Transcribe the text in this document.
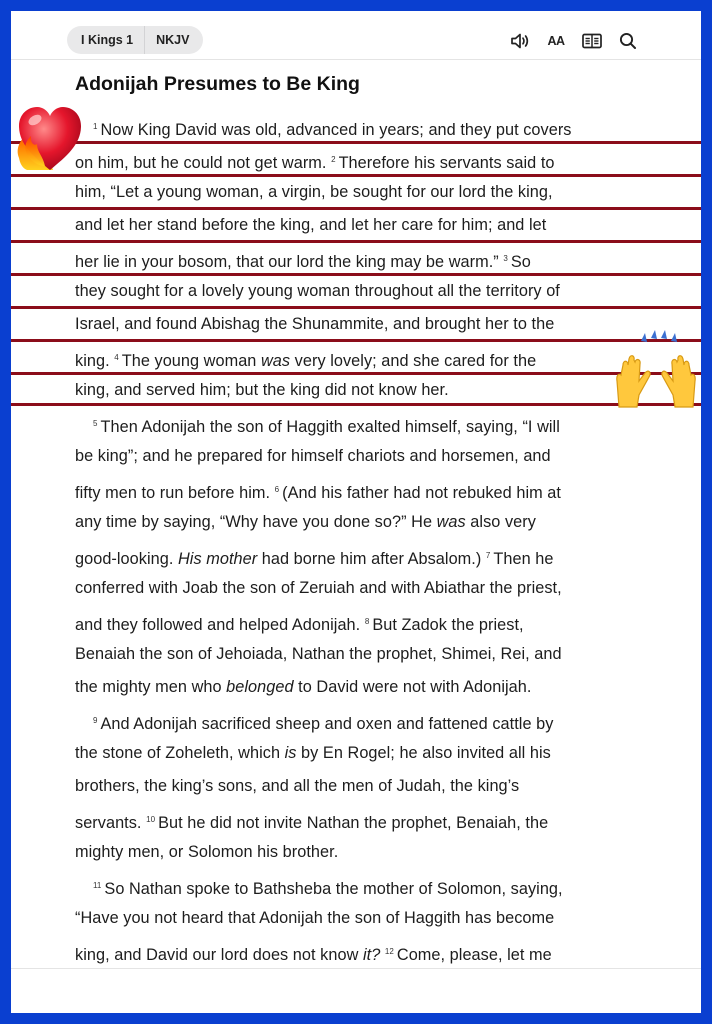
I Kings 1	NKJV	AA
Adonijah Presumes to Be King
$^1$ Now King David was old, advanced in years; and they put covers
on him, but he could not get warm. $^2$ Therefore his servants said to
him, “Let a young woman, a virgin, be sought for our lord the king,
and let her stand before the king, and let her care for him; and let
her lie in your bosom, that our lord the king may be warm.” $^3$ So
they sought for a lovely young woman throughout all the territory of
Israel, and found Abishag the Shunammite, and brought her to the
king. $^4$ The young woman was very lovely; and she cared for the
king, and served him; but the king did not know her.
$^5$ Then Adonijah the son of Haggith exalted himself, saying, “I will
be king”; and he prepared for himself chariots and horsemen, and
fifty men to run before him. $^6$ (And his father had not rebuked him at
any time by saying, “Why have you done so?” He was also very
good-looking. His mother had borne him after Absalom.) $^7$ Then he
conferred with Joab the son of Zeruiah and with Abiathar the priest,
and they followed and helped Adonijah. $^8$ But Zadok the priest,
Benaiah the son of Jehoiada, Nathan the prophet, Shimei, Rei, and
the mighty men who belonged to David were not with Adonijah.
$^9$ And Adonijah sacrificed sheep and oxen and fattened cattle by
the stone of Zoheleth, which is by En Rogel; he also invited all his
brothers, the king’s sons, and all the men of Judah, the king’s
servants. $^{10}$ But he did not invite Nathan the prophet, Benaiah, the
mighty men, or Solomon his brother.
$^{11}$ So Nathan spoke to Bathsheba the mother of Solomon, saying,
“Have you not heard that Adonijah the son of Haggith has become
king, and David our lord does not know it? $^{12}$ Come, please, let me
